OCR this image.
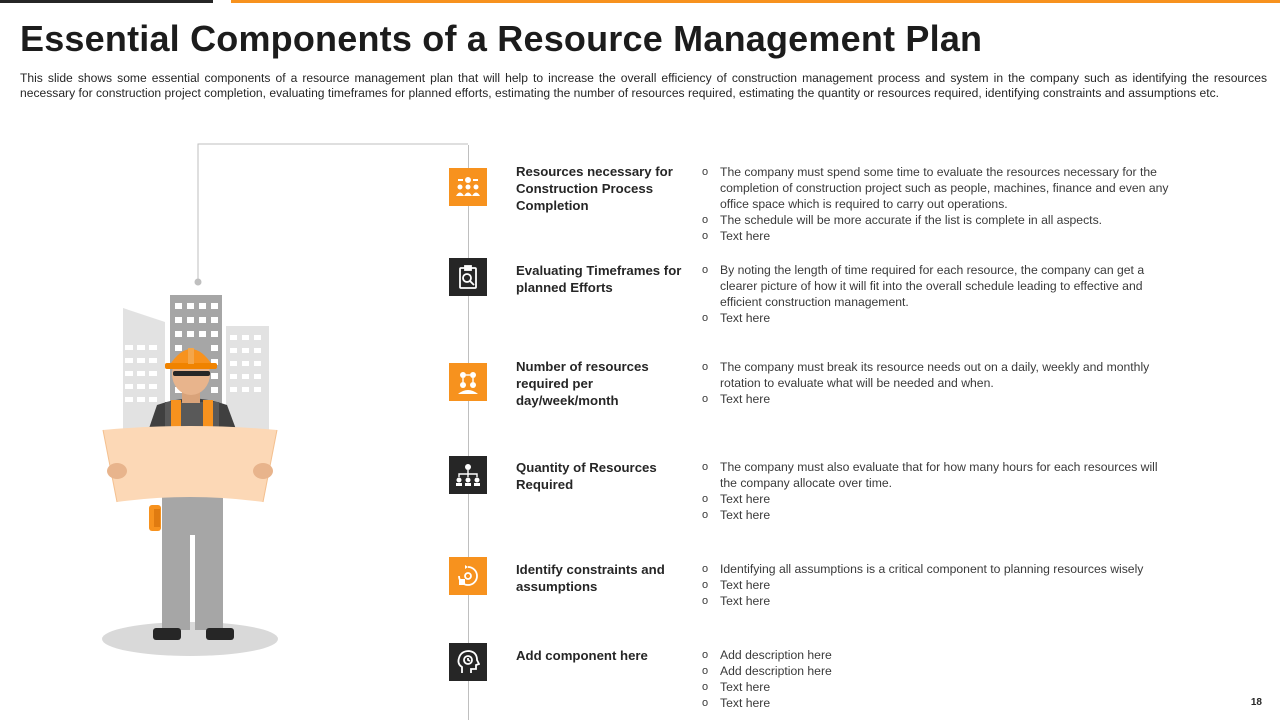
Essential Components of a Resource Management Plan

This slide shows some essential components of a resource management plan that will help to increase the overall efficiency of construction management process and system in the company such as identifying the resources necessary for construction project completion, evaluating timeframes for planned efforts, estimating the number of resources required, estimating the quantity or resources required, identifying constraints and assumptions etc.

Resources necessary for Construction Process Completion
o The company must spend some time to evaluate the resources necessary for the completion of construction project such as people, machines, finance and even any office space which is required to carry out operations.
o The schedule will be more accurate if the list is complete in all aspects.
o Text here
Evaluating Timeframes for planned Efforts
o By noting the length of time required for each resource, the company can get a clearer picture of how it will fit into the overall schedule leading to effective and efficient construction management.
o Text here
Number of resources required per day/week/month
o The company must break its resource needs out on a daily, weekly and monthly rotation to evaluate what will be needed and when.
o Text here
Quantity of Resources Required
o The company must also evaluate that for how many hours for each resources will the company allocate over time.
o Text here
o Text here
Identify constraints and assumptions
o Identifying all assumptions is a critical component to planning resources wisely
o Text here
o Text here
Add component here
o	Add description here
o Add description here
o Text here
o Text here	18
